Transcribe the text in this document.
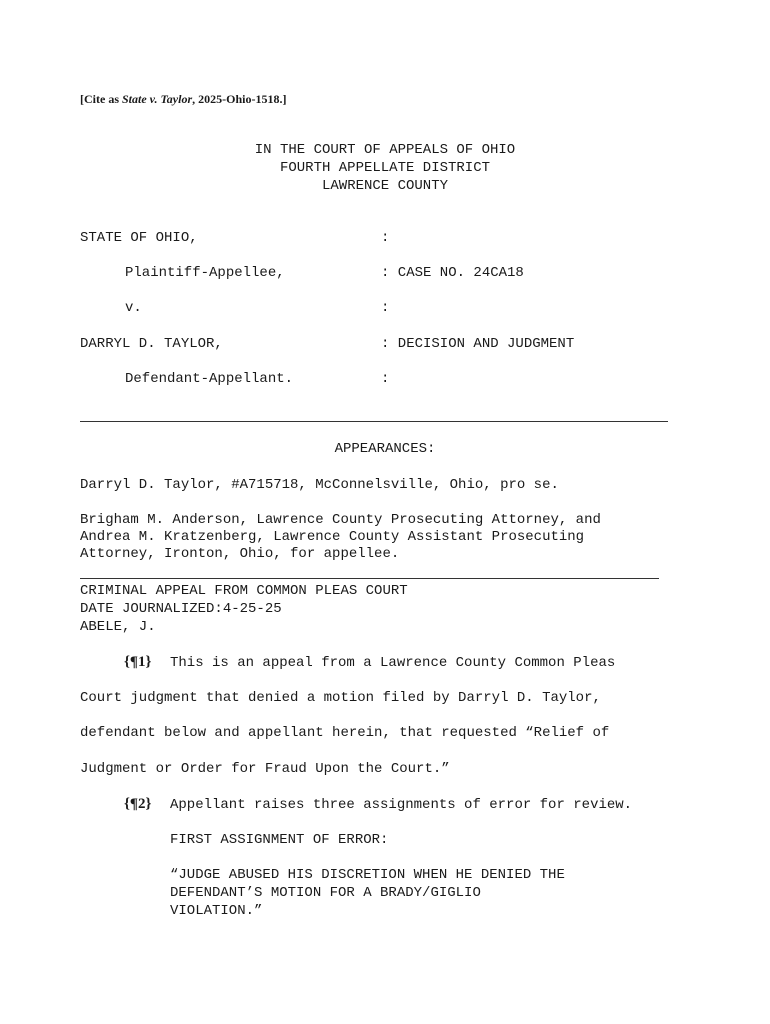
[Cite as State v. Taylor, 2025-Ohio-1518.]
IN THE COURT OF APPEALS OF OHIO
FOURTH APPELLATE DISTRICT
LAWRENCE COUNTY
STATE OF OHIO,
Plaintiff-Appellee,
v.
DARRYL D. TAYLOR,
Defendant-Appellant.
:
: CASE NO. 24CA18
:
: DECISION AND JUDGMENT
:
APPEARANCES:
Darryl D. Taylor, #A715718, McConnelsville, Ohio, pro se.
Brigham M. Anderson, Lawrence County Prosecuting Attorney, and
Andrea M. Kratzenberg, Lawrence County Assistant Prosecuting
Attorney, Ironton, Ohio, for appellee.
CRIMINAL APPEAL FROM COMMON PLEAS COURT
DATE JOURNALIZED:4-25-25
ABELE, J.
{¶1} This is an appeal from a Lawrence County Common Pleas
Court judgment that denied a motion filed by Darryl D. Taylor,
defendant below and appellant herein, that requested “Relief of
Judgment or Order for Fraud Upon the Court.”
{¶2} Appellant raises three assignments of error for review.
FIRST ASSIGNMENT OF ERROR:
“JUDGE ABUSED HIS DISCRETION WHEN HE DENIED THE
DEFENDANT’S MOTION FOR A BRADY/GIGLIO
VIOLATION.”
